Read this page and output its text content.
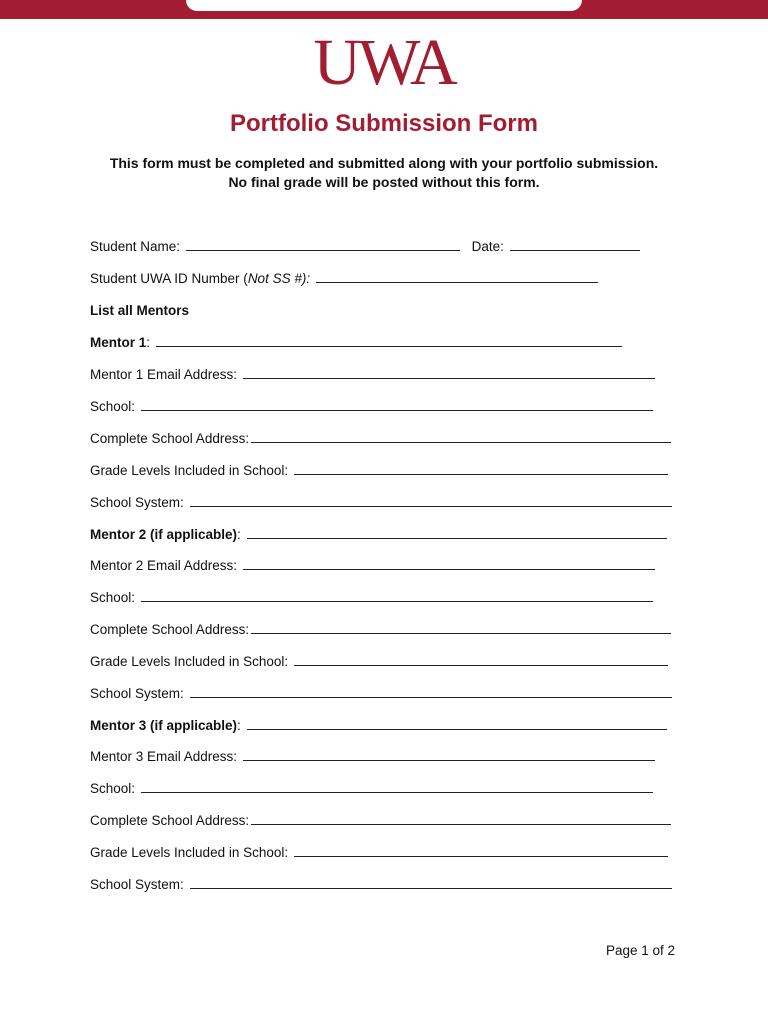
UWA
Portfolio Submission Form
This form must be completed and submitted along with your portfolio submission. No final grade will be posted without this form.
Student Name:	Date:
Student UWA ID Number (Not SS #):
List all Mentors
Mentor 1:
Mentor 1 Email Address:
School:
Complete School Address:
Grade Levels Included in School:
School System:
Mentor 2 (if applicable):
Mentor 2 Email Address:
School:
Complete School Address:
Grade Levels Included in School:
School System:
Mentor 3 (if applicable):
Mentor 3 Email Address:
School:
Complete School Address:
Grade Levels Included in School:
School System:
Page 1 of 2
